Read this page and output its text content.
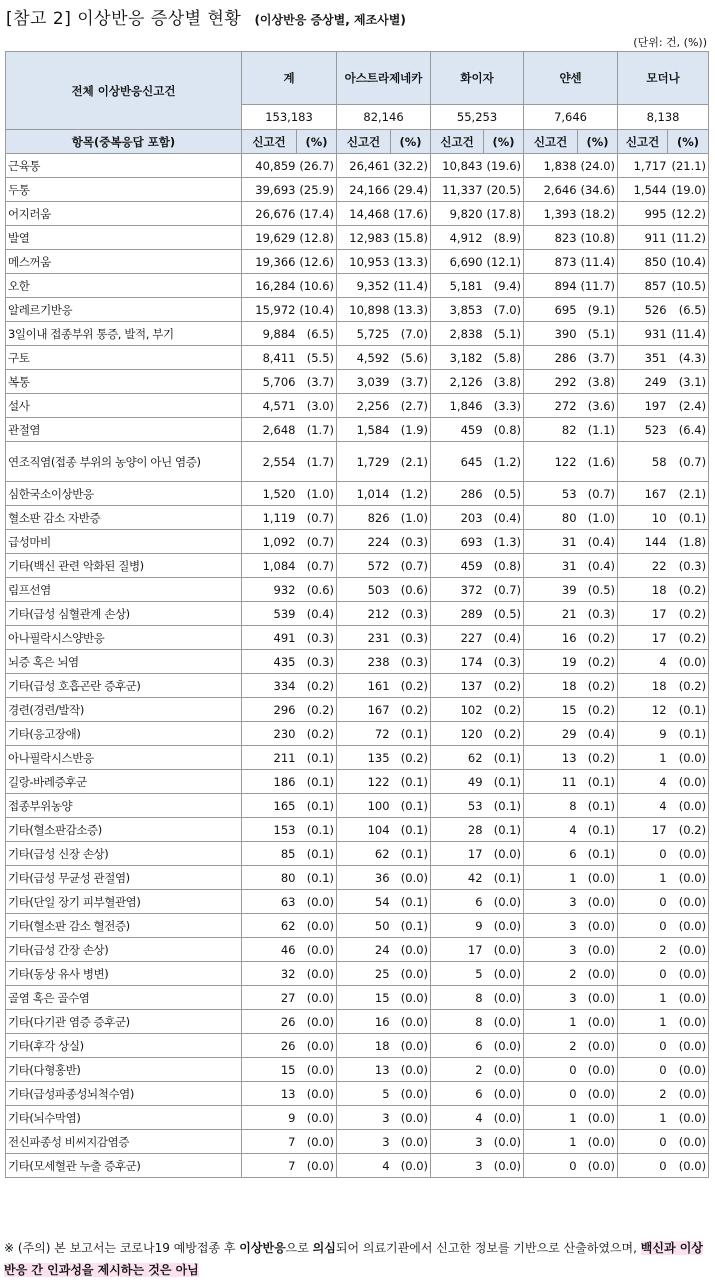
[참고 2] 이상반응 증상별 현황 (이상반응 증상별, 제조사별)
(단위: 건, (%))
전체 이상반응신고건	계		아스트라제네카		화이자		얀센		모더나	
	153,183		82,146		55,253		7,646		8,138	
항목(중복응답 포함)	신고건	(%)	신고건	(%)	신고건	(%)	신고건	(%)	신고건	(%)
근육통	40,859	(26.7)	26,461	(32.2)	10,843	(19.6)	1,838	(24.0)	1,717	(21.1)
두통	39,693	(25.9)	24,166	(29.4)	11,337	(20.5)	2,646	(34.6)	1,544	(19.0)
어지러움	26,676	(17.4)	14,468	(17.6)	9,820	(17.8)	1,393	(18.2)	995	(12.2)
발열	19,629	(12.8)	12,983	(15.8)	4,912	(8.9)	823	(10.8)	911	(11.2)
메스꺼움	19,366	(12.6)	10,953	(13.3)	6,690	(12.1)	873	(11.4)	850	(10.4)
오한	16,284	(10.6)	9,352	(11.4)	5,181	(9.4)	894	(11.7)	857	(10.5)
알레르기반응	15,972	(10.4)	10,898	(13.3)	3,853	(7.0)	695	(9.1)	526	(6.5)
3일이내 접종부위 통증, 발적, 부기	9,884	(6.5)	5,725	(7.0)	2,838	(5.1)	390	(5.1)	931	(11.4)
구토	8,411	(5.5)	4,592	(5.6)	3,182	(5.8)	286	(3.7)	351	(4.3)
복통	5,706	(3.7)	3,039	(3.7)	2,126	(3.8)	292	(3.8)	249	(3.1)
설사	4,571	(3.0)	2,256	(2.7)	1,846	(3.3)	272	(3.6)	197	(2.4)
관절염	2,648	(1.7)	1,584	(1.9)	459	(0.8)	82	(1.1)	523	(6.4)
연조직염(접종 부위의 농양이 아닌 염증)	2,554	(1.7)	1,729	(2.1)	645	(1.2)	122	(1.6)	58	(0.7)
심한국소이상반응	1,520	(1.0)	1,014	(1.2)	286	(0.5)	53	(0.7)	167	(2.1)
혈소판 감소 자반증	1,119	(0.7)	826	(1.0)	203	(0.4)	80	(1.0)	10	(0.1)
급성마비	1,092	(0.7)	224	(0.3)	693	(1.3)	31	(0.4)	144	(1.8)
기타(백신 관련 악화된 질병)	1,084	(0.7)	572	(0.7)	459	(0.8)	31	(0.4)	22	(0.3)
림프선염	932	(0.6)	503	(0.6)	372	(0.7)	39	(0.5)	18	(0.2)
기타(급성 심혈관계 손상)	539	(0.4)	212	(0.3)	289	(0.5)	21	(0.3)	17	(0.2)
아나필락시스양반응	491	(0.3)	231	(0.3)	227	(0.4)	16	(0.2)	17	(0.2)
뇌증 혹은 뇌염	435	(0.3)	238	(0.3)	174	(0.3)	19	(0.2)	4	(0.0)
기타(급성 호흡곤란 증후군)	334	(0.2)	161	(0.2)	137	(0.2)	18	(0.2)	18	(0.2)
경련(경련/발작)	296	(0.2)	167	(0.2)	102	(0.2)	15	(0.2)	12	(0.1)
기타(응고장애)	230	(0.2)	72	(0.1)	120	(0.2)	29	(0.4)	9	(0.1)
아나필락시스반응	211	(0.1)	135	(0.2)	62	(0.1)	13	(0.2)	1	(0.0)
길랑-바레증후군	186	(0.1)	122	(0.1)	49	(0.1)	11	(0.1)	4	(0.0)
접종부위농양	165	(0.1)	100	(0.1)	53	(0.1)	8	(0.1)	4	(0.0)
기타(혈소판감소증)	153	(0.1)	104	(0.1)	28	(0.1)	4	(0.1)	17	(0.2)
기타(급성 신장 손상)	85	(0.1)	62	(0.1)	17	(0.0)	6	(0.1)	0	(0.0)
기타(급성 무균성 관절염)	80	(0.1)	36	(0.0)	42	(0.1)	1	(0.0)	1	(0.0)
기타(단일 장기 피부혈관염)	63	(0.0)	54	(0.1)	6	(0.0)	3	(0.0)	0	(0.0)
기타(혈소판 감소 혈전증)	62	(0.0)	50	(0.1)	9	(0.0)	3	(0.0)	0	(0.0)
기타(급성 간장 손상)	46	(0.0)	24	(0.0)	17	(0.0)	3	(0.0)	2	(0.0)
기타(동상 유사 병변)	32	(0.0)	25	(0.0)	5	(0.0)	2	(0.0)	0	(0.0)
골염 혹은 골수염	27	(0.0)	15	(0.0)	8	(0.0)	3	(0.0)	1	(0.0)
기타(다기관 염증 증후군)	26	(0.0)	16	(0.0)	8	(0.0)	1	(0.0)	1	(0.0)
기타(후각 상실)	26	(0.0)	18	(0.0)	6	(0.0)	2	(0.0)	0	(0.0)
기타(다형홍반)	15	(0.0)	13	(0.0)	2	(0.0)	0	(0.0)	0	(0.0)
기타(급성파종성뇌척수염)	13	(0.0)	5	(0.0)	6	(0.0)	0	(0.0)	2	(0.0)
기타(뇌수막염)	9	(0.0)	3	(0.0)	4	(0.0)	1	(0.0)	1	(0.0)
전신파종성 비씨지감염증	7	(0.0)	3	(0.0)	3	(0.0)	1	(0.0)	0	(0.0)
기타(모세혈관 누출 증후군)	7	(0.0)	4	(0.0)	3	(0.0)	0	(0.0)	0	(0.0)
※ (주의) 본 보고서는 코로나19 예방접종 후 이상반응으로 의심되어 의료기관에서 신고한 정보를 기반으로 산출하였으며, 백신과 이상반응 간 인과성을 제시하는 것은 아님
